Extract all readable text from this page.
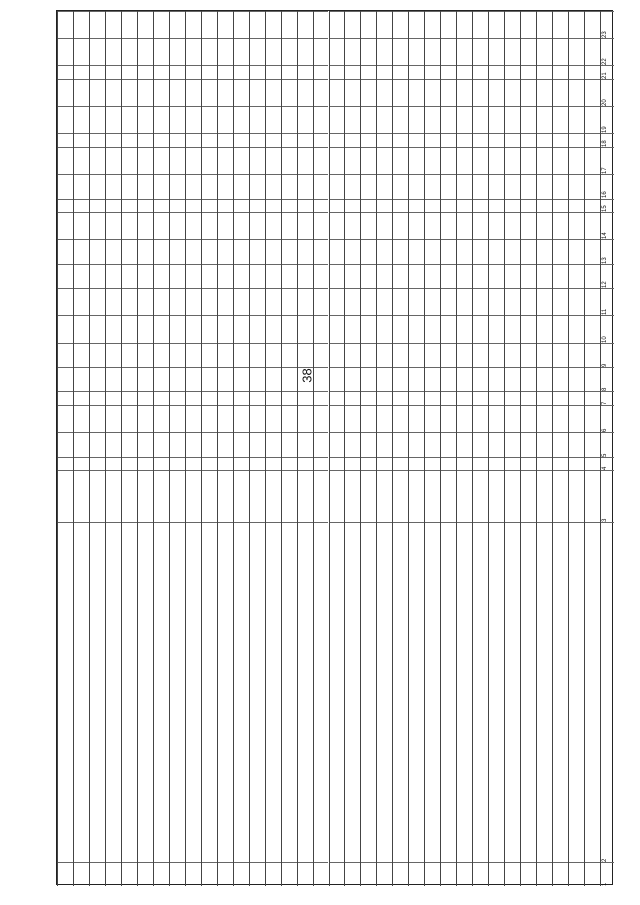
38
1
2
3
4
5
6
7
8
9
10
11
12
13
14
15
16
17
18
19
20
21
22
23
